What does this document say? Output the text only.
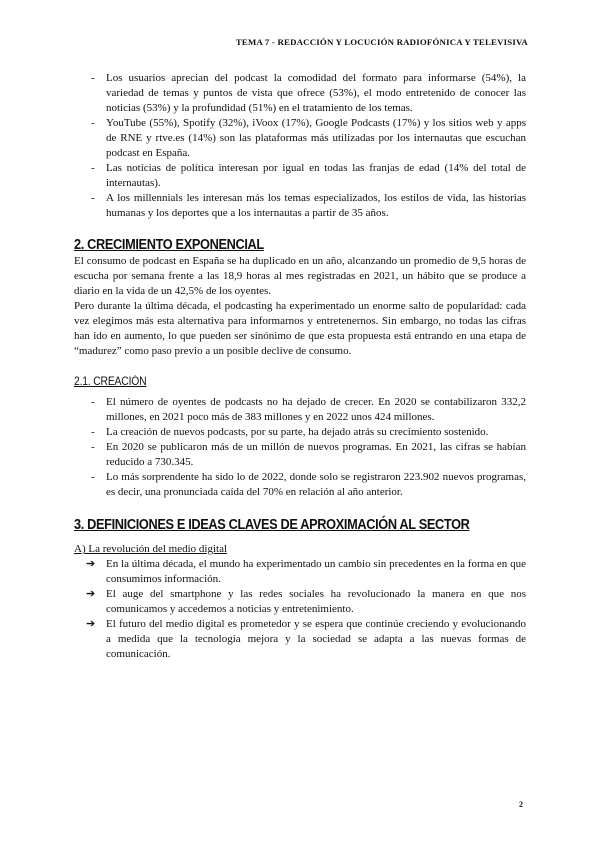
TEMA 7 - REDACCIÓN Y LOCUCIÓN RADIOFÓNICA Y TELEVISIVA
- Los usuarios aprecian del podcast la comodidad del formato para informarse (54%), la variedad de temas y puntos de vista que ofrece (53%), el modo entretenido de conocer las noticias (53%) y la profundidad (51%) en el tratamiento de los temas.
- YouTube (55%), Spotify (32%), iVoox (17%), Google Podcasts (17%) y los sitios web y apps de RNE y rtve.es (14%) son las plataformas más utilizadas por los internautas que escuchan podcast en España.
- Las noticias de política interesan por igual en todas las franjas de edad (14% del total de internautas).
- A los millennials les interesan más los temas especializados, los estilos de vida, las historias humanas y los deportes que a los internautas a partir de 35 años.
2. CRECIMIENTO EXPONENCIAL

El consumo de podcast en España se ha duplicado en un año, alcanzando un promedio de 9,5 horas de escucha por semana frente a las 18,9 horas al mes registradas en 2021, un hábito que se produce a diario en la vida de un 42,5% de los oyentes.

Pero durante la última década, el podcasting ha experimentado un enorme salto de popularidad: cada vez elegimos más esta alternativa para informarnos y entretenernos. Sin embargo, no todas las cifras han ido en aumento, lo que pueden ser sinónimo de que esta propuesta está entrando en una etapa de “madurez” como paso previo a un posible declive de consumo.

2.1. CREACIÓN
- El número de oyentes de podcasts no ha dejado de crecer. En 2020 se contabilizaron 332,2 millones, en 2021 poco más de 383 millones y en 2022 unos 424 millones.
- La creación de nuevos podcasts, por su parte, ha dejado atrás su crecimiento sostenido.
- En 2020 se publicaron más de un millón de nuevos programas. En 2021, las cifras se habían reducido a 730.345.
- Lo más sorprendente ha sido lo de 2022, donde solo se registraron 223.902 nuevos programas, es decir, una pronunciada caída del 70% en relación al año anterior.
3. DEFINICIONES E IDEAS CLAVES DE APROXIMACIÓN AL SECTOR

A) La revolución del medio digital

➔ En la última década, el mundo ha experimentado un cambio sin precedentes en la forma en que consumimos información.
➔ El auge del smartphone y las redes sociales ha revolucionado la manera en que nos comunicamos y accedemos a noticias y entretenimiento.
➔ El futuro del medio digital es prometedor y se espera que continúe creciendo y evolucionando a medida que la tecnología mejora y la sociedad se adapta a las nuevas formas de comunicación.
2
